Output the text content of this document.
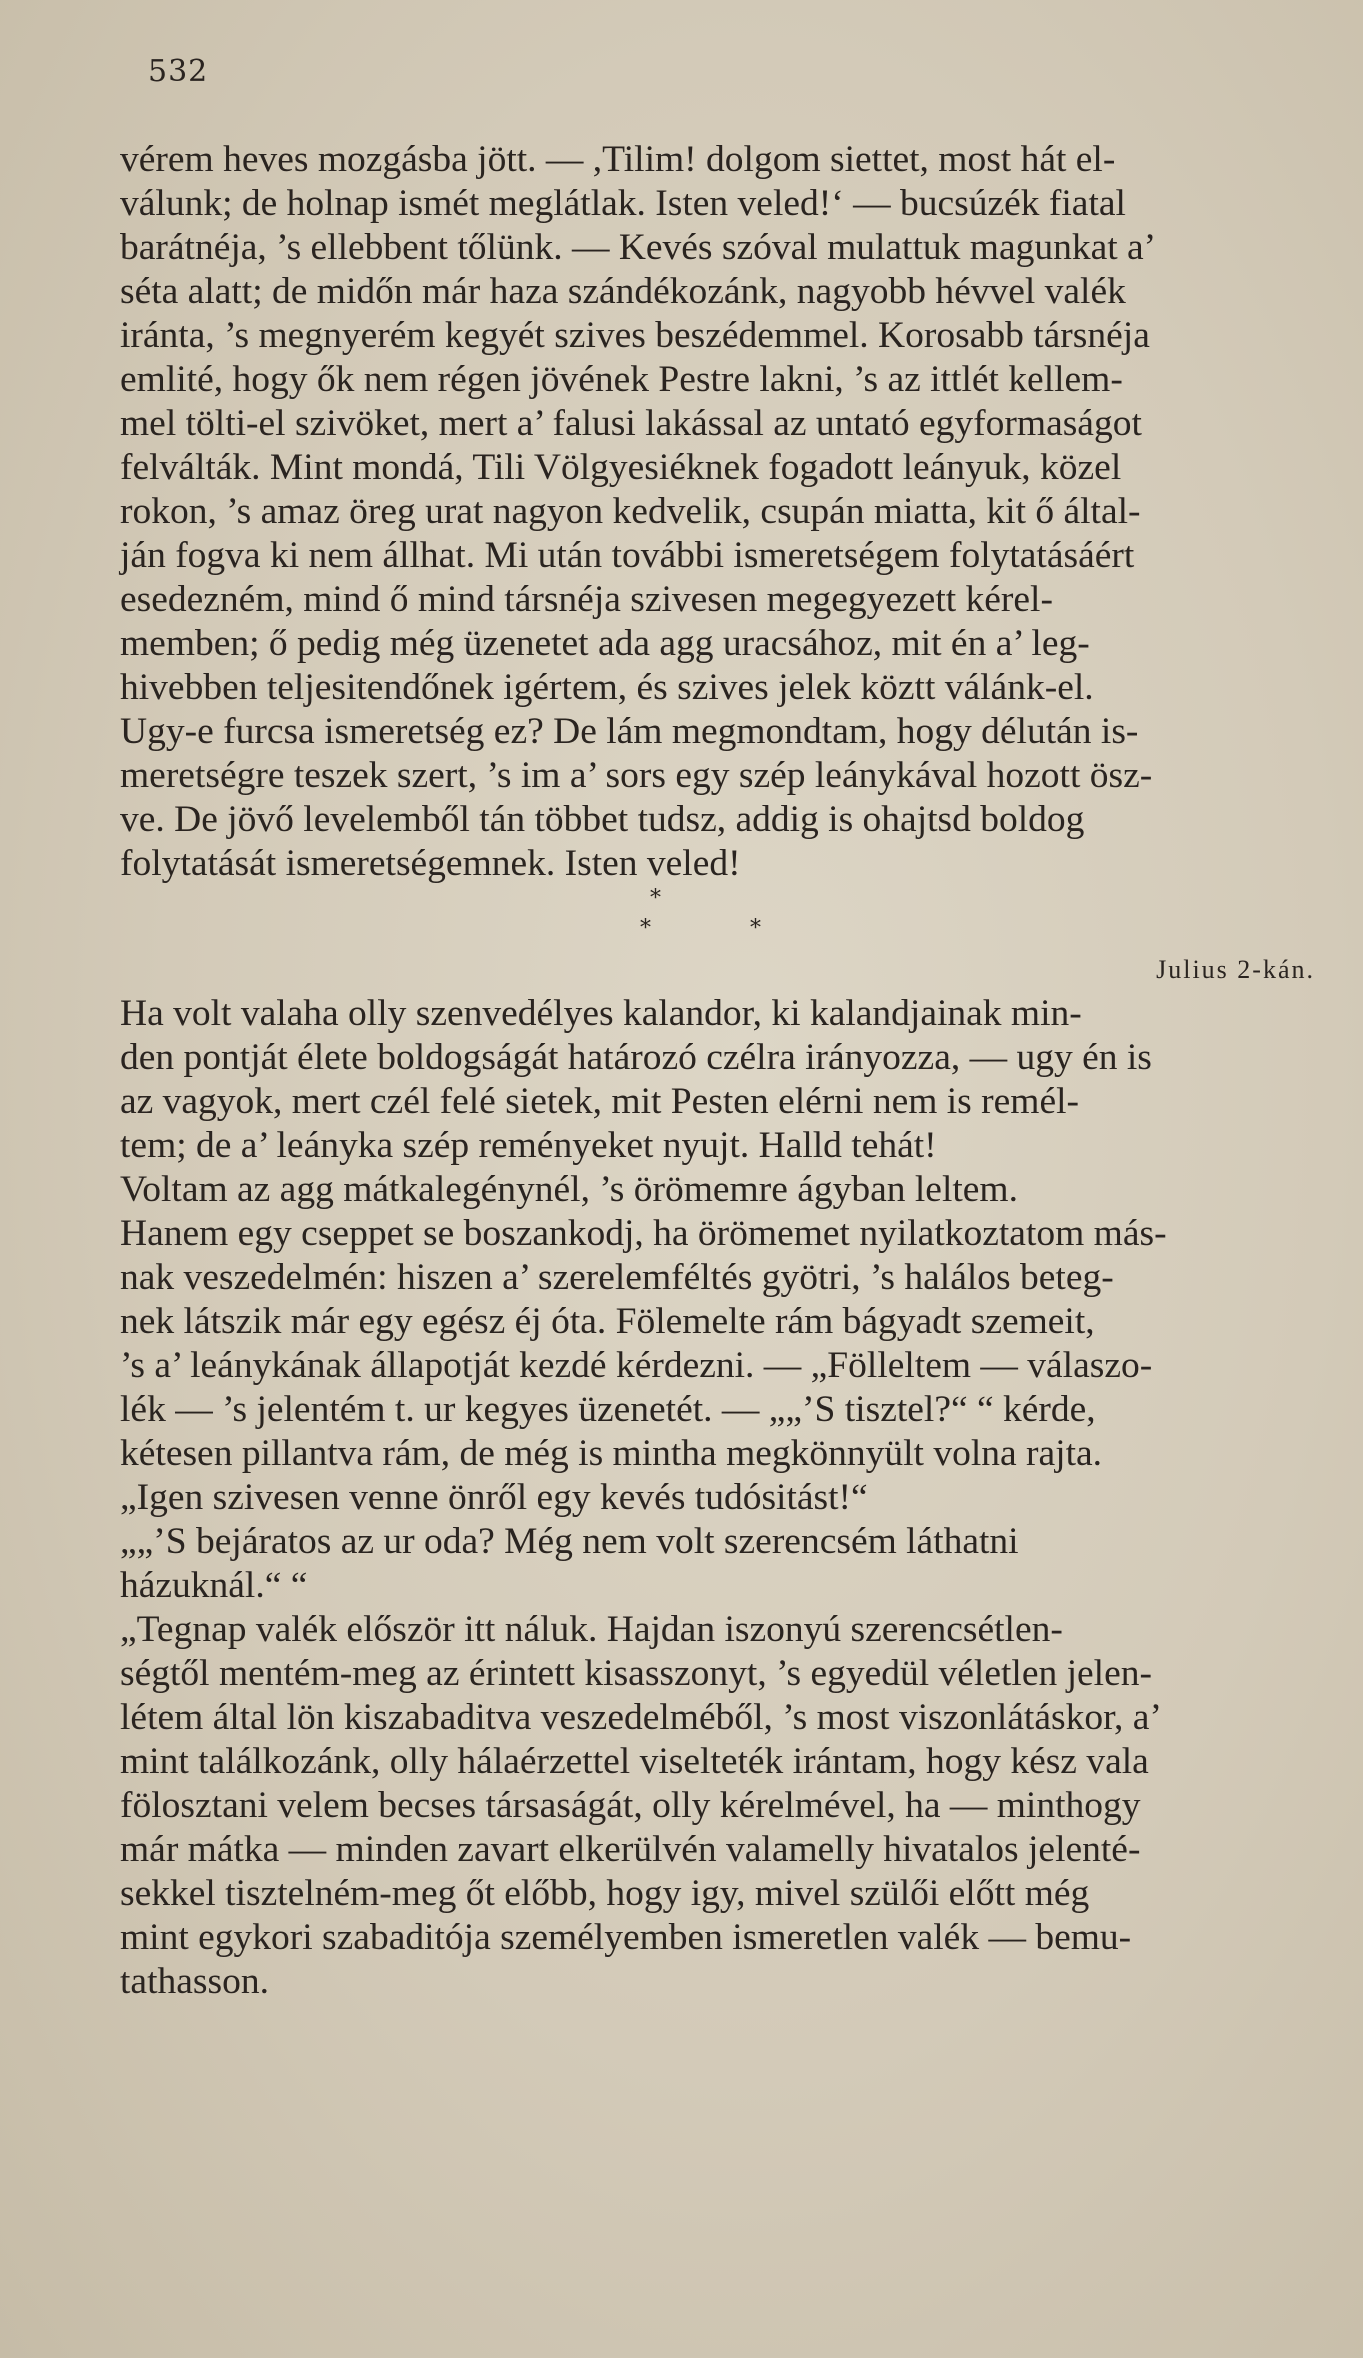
532
vérem heves mozgásba jött. — ,Tilim! dolgom siettet, most hát el-
válunk; de holnap ismét meglátlak. Isten veled!‘ — bucsúzék fiatal
barátnéja, ’s ellebbent tőlünk. — Kevés szóval mulattuk magunkat a’
séta alatt; de midőn már haza szándékozánk, nagyobb hévvel valék
iránta, ’s megnyerém kegyét szives beszédemmel. Korosabb társnéja
emlité, hogy ők nem régen jövének Pestre lakni, ’s az ittlét kellem-
mel tölti-el szivöket, mert a’ falusi lakással az untató egyformaságot
felválták. Mint mondá, Tili Völgyesiéknek fogadott leányuk, közel
rokon, ’s amaz öreg urat nagyon kedvelik, csupán miatta, kit ő által-
ján fogva ki nem állhat. Mi után további ismeretségem folytatásáért
esedezném, mind ő mind társnéja szivesen megegyezett kérel-
memben; ő pedig még üzenetet ada agg uracsához, mit én a’ leg-
hivebben teljesitendőnek igértem, és szives jelek köztt válánk-el.
Ugy-e furcsa ismeretség ez? De lám megmondtam, hogy délután is-
meretségre teszek szert, ’s im a’ sors egy szép leánykával hozott ösz-
ve. De jövő levelemből tán többet tudsz, addig is ohajtsd boldog
folytatását ismeretségemnek. Isten veled!
*
*	*
Julius 2-kán.
Ha volt valaha olly szenvedélyes kalandor, ki kalandjainak min-
den pontját élete boldogságát határozó czélra irányozza, — ugy én is
az vagyok, mert czél felé sietek, mit Pesten elérni nem is remél-
tem; de a’ leányka szép reményeket nyujt. Halld tehát!
Voltam az agg mátkalegénynél, ’s örömemre ágyban leltem.
Hanem egy cseppet se boszankodj, ha örömemet nyilatkoztatom más-
nak veszedelmén: hiszen a’ szerelemféltés gyötri, ’s halálos beteg-
nek látszik már egy egész éj óta. Fölemelte rám bágyadt szemeit,
’s a’ leánykának állapotját kezdé kérdezni. — „Fölleltem — válaszo-
lék — ’s jelentém t. ur kegyes üzenetét. — „„’S tisztel?“ “ kérde,
kétesen pillantva rám, de még is mintha megkönnyült volna rajta.
„Igen szivesen venne önről egy kevés tudósitást!“
„„’S bejáratos az ur oda? Még nem volt szerencsém láthatni
házuknál.“ “
„Tegnap valék először itt náluk. Hajdan iszonyú szerencsétlen-
ségtől mentém-meg az érintett kisasszonyt, ’s egyedül véletlen jelen-
létem által lön kiszabaditva veszedelméből, ’s most viszonlátáskor, a’
mint találkozánk, olly hálaérzettel viselteték irántam, hogy kész vala
fölosztani velem becses társaságát, olly kérelmével, ha — minthogy
már mátka — minden zavart elkerülvén valamelly hivatalos jelenté-
sekkel tisztelném-meg őt előbb, hogy igy, mivel szülői előtt még
mint egykori szabaditója személyemben ismeretlen valék — bemu-
tathasson.
